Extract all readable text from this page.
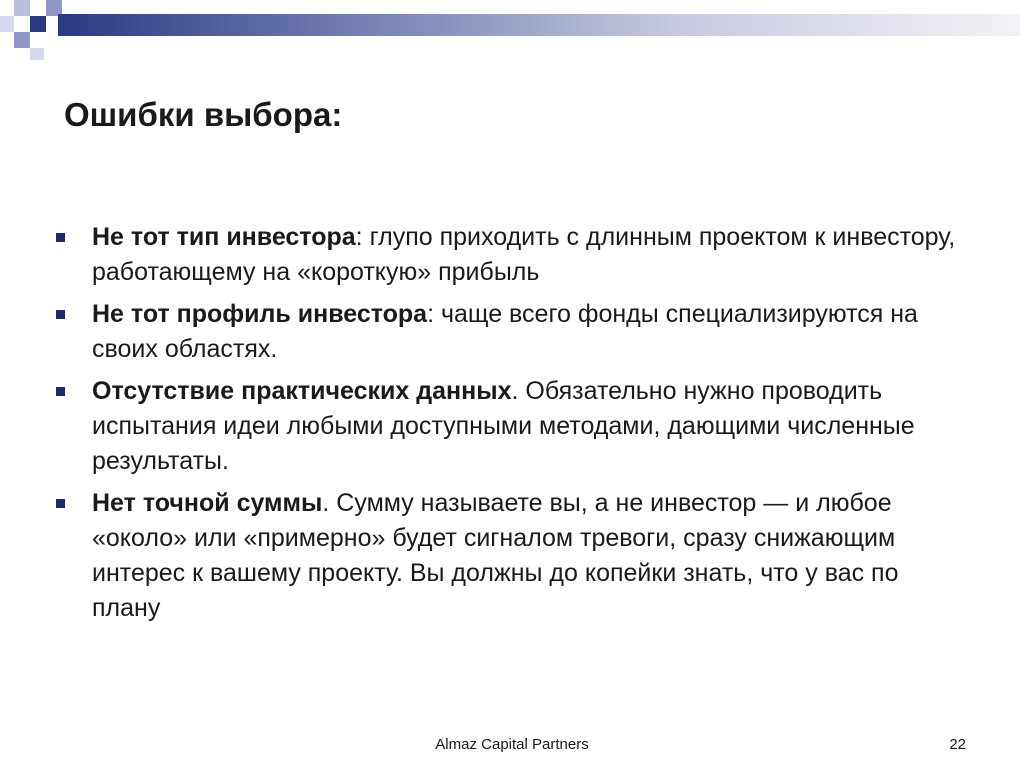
Ошибки выбора:
Не тот тип инвестора: глупо приходить с длинным проектом к инвестору, работающему на «короткую» прибыль
Не тот профиль инвестора: чаще всего фонды специализируются на своих областях.
Отсутствие практических данных. Обязательно нужно проводить испытания идеи любыми доступными методами, дающими численные результаты.
Нет точной суммы. Сумму называете вы, а не инвестор — и любое «около» или «примерно» будет сигналом тревоги, сразу снижающим интерес к вашему проекту. Вы должны до копейки знать, что у вас по плану
Almaz Capital Partners	22
